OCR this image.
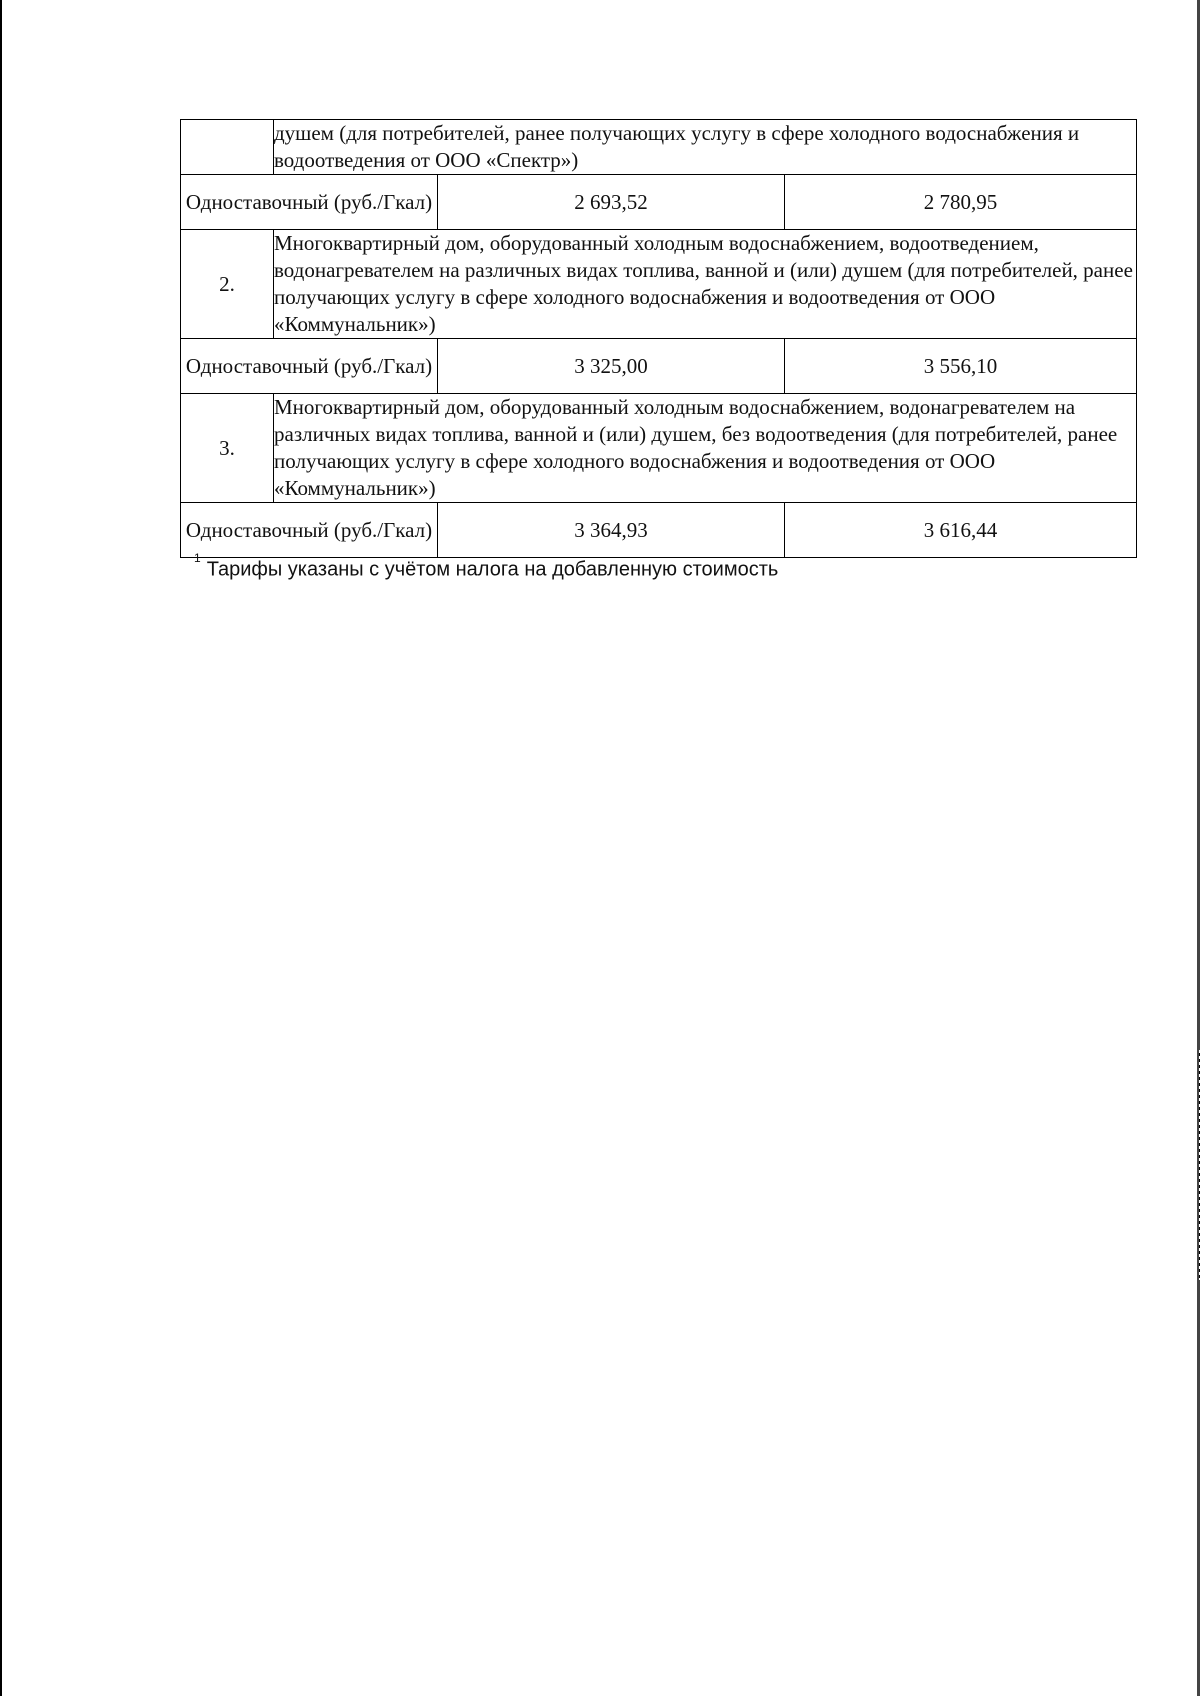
	душем (для потребителей, ранее получающих услугу в сфере холодного водоснабжения и водоотведения от ООО «Спектр»)		
Одноставочный (руб./Гкал)		2 693,52	2 780,95
2.	Многоквартирный дом, оборудованный холодным водоснабжением, водоотведением, водонагревателем на различных видах топлива, ванной и (или) душем (для потребителей, ранее получающих услугу в сфере холодного водоснабжения и водоотведения от ООО «Коммунальник»)		
Одноставочный (руб./Гкал)		3 325,00	3 556,10
3.	Многоквартирный дом, оборудованный холодным водоснабжением, водонагревателем на различных видах топлива, ванной и (или) душем, без водоотведения (для потребителей, ранее получающих услугу в сфере холодного водоснабжения и водоотведения от ООО «Коммунальник»)		
Одноставочный (руб./Гкал)		3 364,93	3 616,44
$^1$Тарифы указаны с учётом налога на добавленную стоимость
